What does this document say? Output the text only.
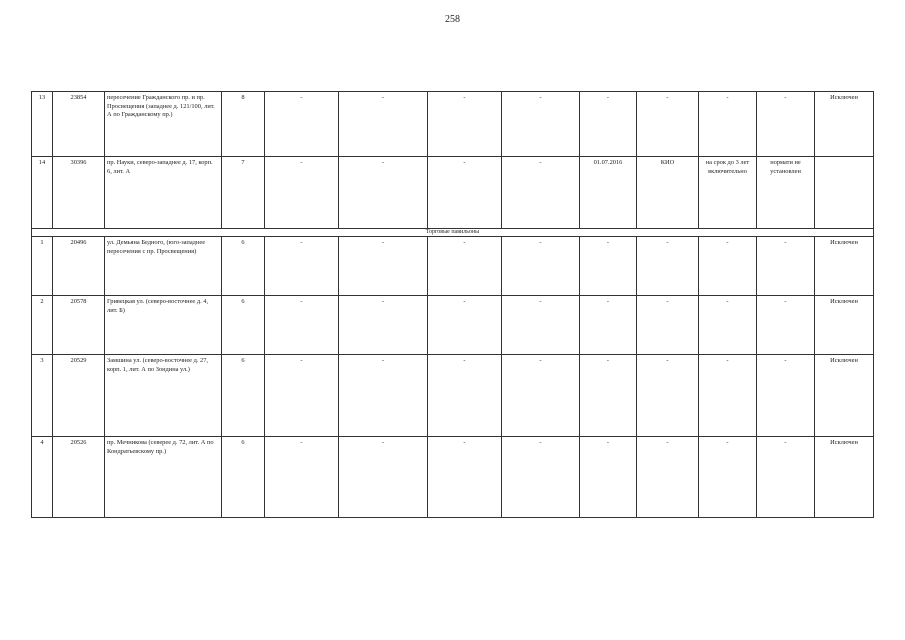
258
13	23854	пересечение Гражданского пр. и пр. Просвещения (западнее д. 121/100, лит. А по Гражданскому пр.)	8	-	-	-	-	-	-	-	-	Исключен
14	30396	пр. Науки, северо-западнее д. 17, корп. 6, лит. А	7	-	-	-	-	01.07.2016	КИО	на срок до 3 лет включительно	нормати не установлен	
Торговые павильоны												
1	20496	ул. Демьяна Бедного, (юго-западнее пересечения с пр. Просвещения)	6	-	-	-	-	-	-	-	-	Исключен
2	20578	Гривецкая ул. (северо-восточнее д. 4, лит. Б)	6	-	-	-	-	-	-	-	-	Исключен
3	20529	Замшина ул. (северо-восточнее д. 27, корп. 1, лит. А по Зондина ул.)	6	-	-	-	-	-	-	-	-	Исключен
4	20526	пр. Мечникова (северее д. 72, лит. А по Кондратьевскому пр.)	6	-	-	-	-	-	-	-	-	Исключен
